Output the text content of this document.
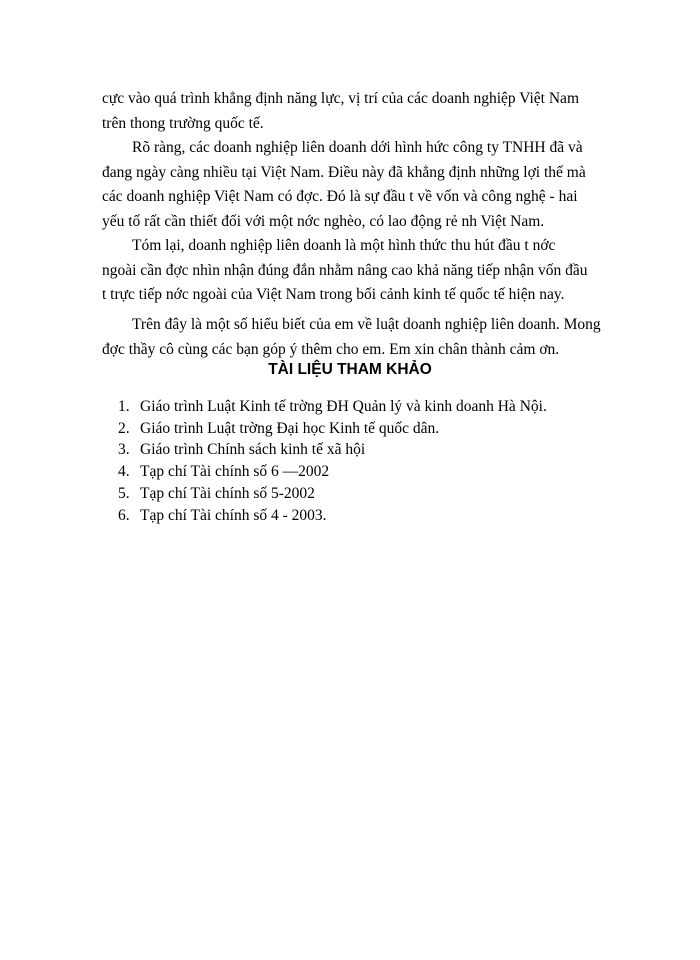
cực vào quá trình khẳng định năng lực, vị trí của các doanh nghiệp Việt Nam
trên thong trường quốc tế.

Rõ ràng, các doanh nghiệp liên doanh dới hình hức công ty TNHH đã và
đang ngày càng nhiều tại Việt Nam. Điều này đã khẳng định những lợi thế mà
các doanh nghiệp Việt Nam có đợc. Đó là sự đầu t về vốn và công nghệ - hai
yếu tố rất cần thiết đối với một nớc nghèo, có lao động rẻ nh Việt Nam.

Tóm lại, doanh nghiệp liên doanh là một hình thức thu hút đầu t nớc
ngoài cần đợc nhìn nhận đúng đắn nhằm nâng cao khả năng tiếp nhận vốn đầu
t trực tiếp nớc ngoài của Việt Nam trong bối cảnh kinh tế quốc tế hiện nay.

Trên đây là một số hiểu biết của em về luật doanh nghiệp liên doanh. Mong
đợc thầy cô cùng các bạn góp ý thêm cho em. Em xin chân thành cảm ơn.

TÀI LIỆU THAM KHẢO
1. Giáo trình Luật Kinh tế trờng ĐH Quản lý và kinh doanh Hà Nội.
2. Giáo trình Luật trờng Đại học Kinh tế quốc dân.
3. Giáo trình Chính sách kinh tế xã hội
4. Tạp chí Tài chính số 6 —2002
5. Tạp chí Tài chính số 5-2002
6. Tạp chí Tài chính số 4 - 2003.
